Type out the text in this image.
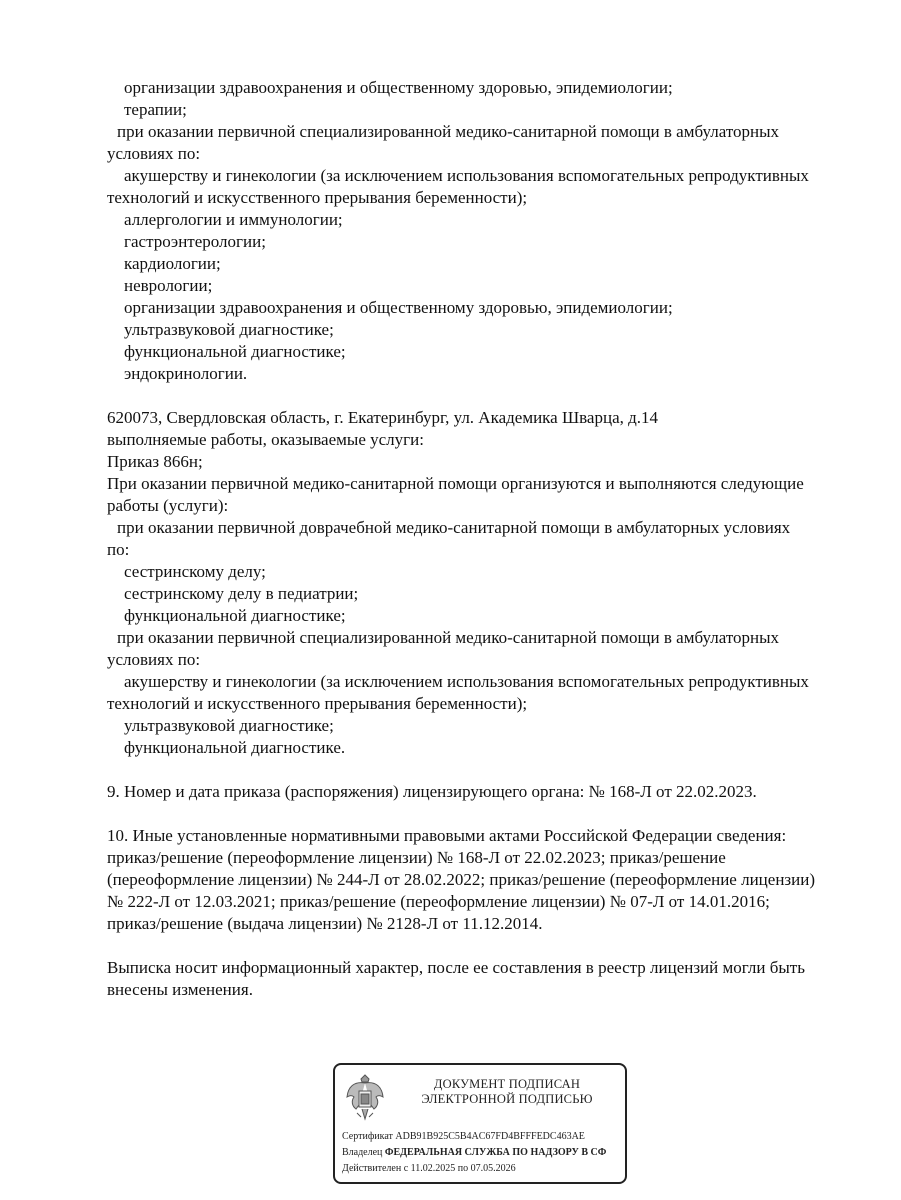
организации здравоохранения и общественному здоровью, эпидемиологии;
терапии;
при оказании первичной специализированной медико-санитарной помощи в амбулаторных
условиях по:
акушерству и гинекологии (за исключением использования вспомогательных репродуктивных
технологий и искусственного прерывания беременности);
аллергологии и иммунологии;
гастроэнтерологии;
кардиологии;
неврологии;
организации здравоохранения и общественному здоровью, эпидемиологии;
ультразвуковой диагностике;
функциональной диагностике;
эндокринологии.
620073, Свердловская область, г. Екатеринбург, ул. Академика Шварца, д.14
выполняемые работы, оказываемые услуги:
Приказ 866н;
При оказании первичной медико-санитарной помощи организуются и выполняются следующие
работы (услуги):
при оказании первичной доврачебной медико-санитарной помощи в амбулаторных условиях
по:
сестринскому делу;
сестринскому делу в педиатрии;
функциональной диагностике;
при оказании первичной специализированной медико-санитарной помощи в амбулаторных
условиях по:
акушерству и гинекологии (за исключением использования вспомогательных репродуктивных
технологий и искусственного прерывания беременности);
ультразвуковой диагностике;
функциональной диагностике.
9. Номер и дата приказа (распоряжения) лицензирующего органа: № 168-Л от 22.02.2023.
10. Иные установленные нормативными правовыми актами Российской Федерации сведения:
приказ/решение (переоформление лицензии) № 168-Л от 22.02.2023; приказ/решение
(переоформление лицензии) № 244-Л от 28.02.2022; приказ/решение (переоформление лицензии)
№ 222-Л от 12.03.2021; приказ/решение (переоформление лицензии) № 07-Л от 14.01.2016;
приказ/решение (выдача лицензии) № 2128-Л от 11.12.2014.
Выписка носит информационный характер, после ее составления в реестр лицензий могли быть
внесены изменения.
ДОКУМЕНТ ПОДПИСАН
ЭЛЕКТРОННОЙ ПОДПИСЬЮ
Сертификат ADB91B925C5B4AC67FD4BFFFEDC463AE
Владелец ФЕДЕРАЛЬНАЯ СЛУЖБА ПО НАДЗОРУ В СФ
Действителен с 11.02.2025 по 07.05.2026
